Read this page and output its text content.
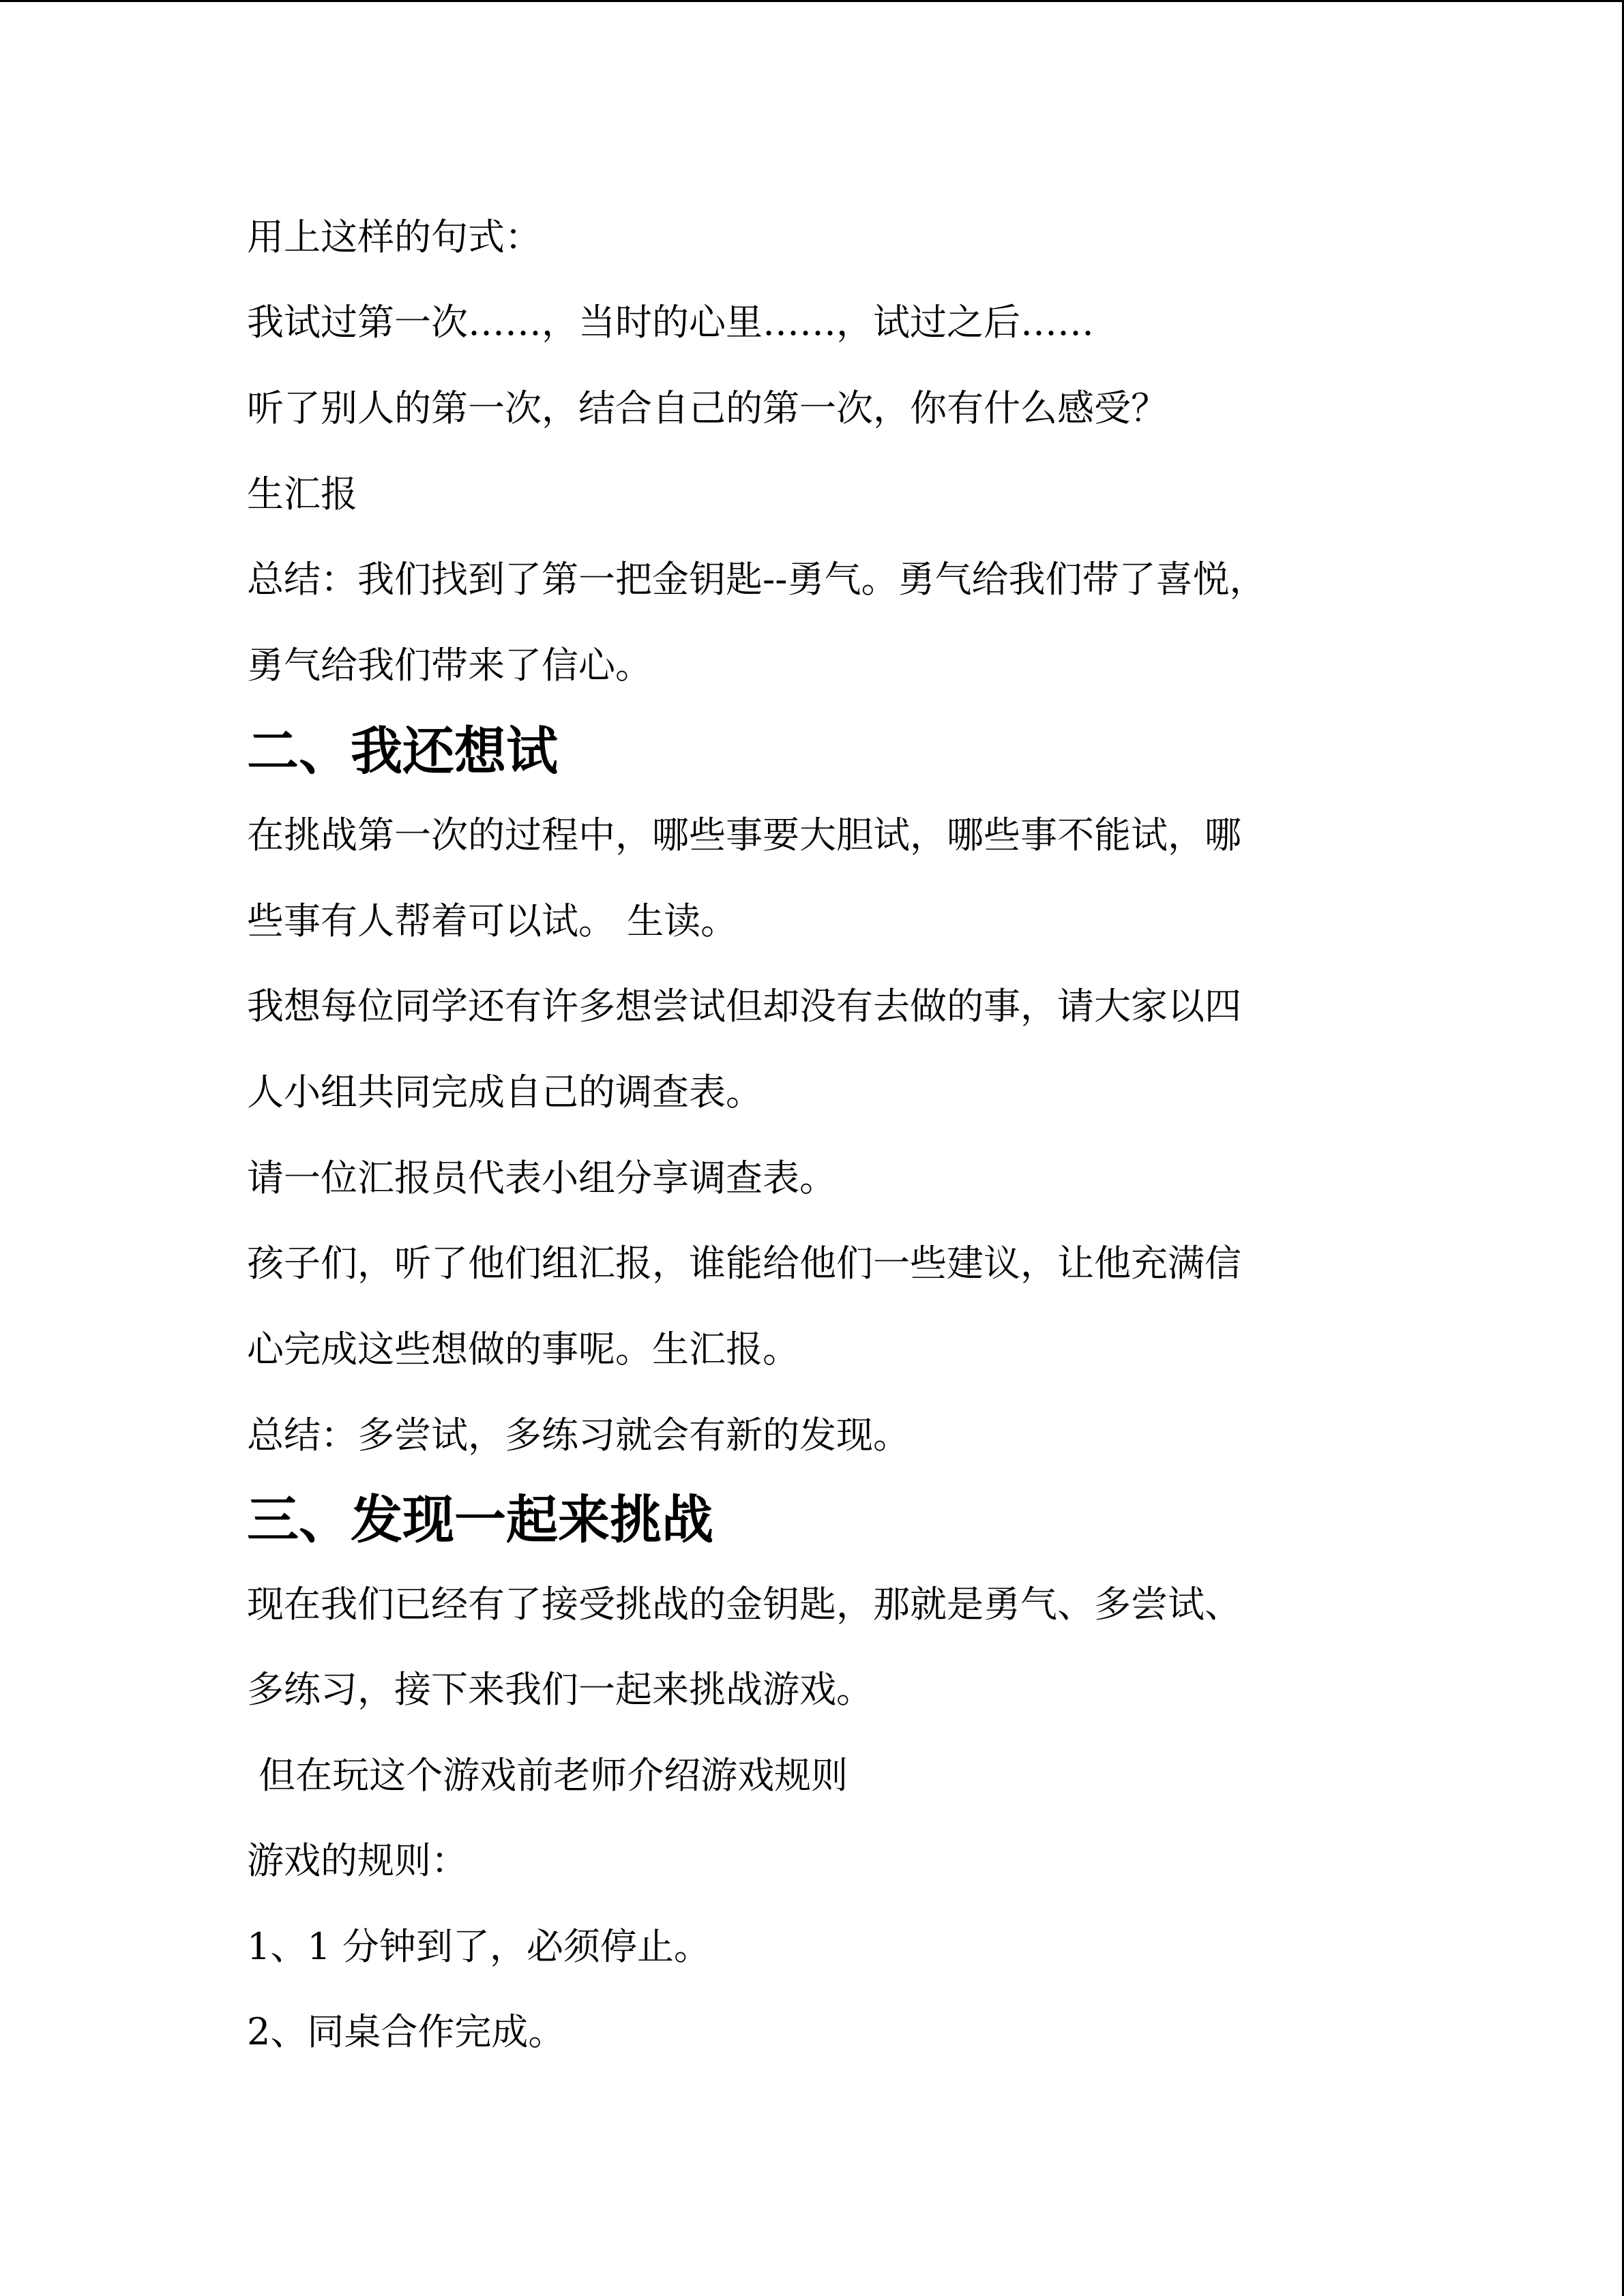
用上这样的句式：

我试过第一次……，当时的心里……，试过之后……

听了别人的第一次，结合自己的第一次，你有什么感受？

生汇报

总结：我们找到了第一把金钥匙--勇气。勇气给我们带了喜悦，

勇气给我们带来了信心。

二、我还想试

在挑战第一次的过程中，哪些事要大胆试，哪些事不能试，哪

些事有人帮着可以试。 生读。

我想每位同学还有许多想尝试但却没有去做的事，请大家以四

人小组共同完成自己的调查表。

请一位汇报员代表小组分享调查表。

孩子们，听了他们组汇报，谁能给他们一些建议，让他充满信

心完成这些想做的事呢。生汇报。

总结：多尝试，多练习就会有新的发现。

三、发现一起来挑战

现在我们已经有了接受挑战的金钥匙，那就是勇气、多尝试、

多练习，接下来我们一起来挑战游戏。

但在玩这个游戏前老师介绍游戏规则

游戏的规则：

1、1 分钟到了，必须停止。

2、同桌合作完成。
